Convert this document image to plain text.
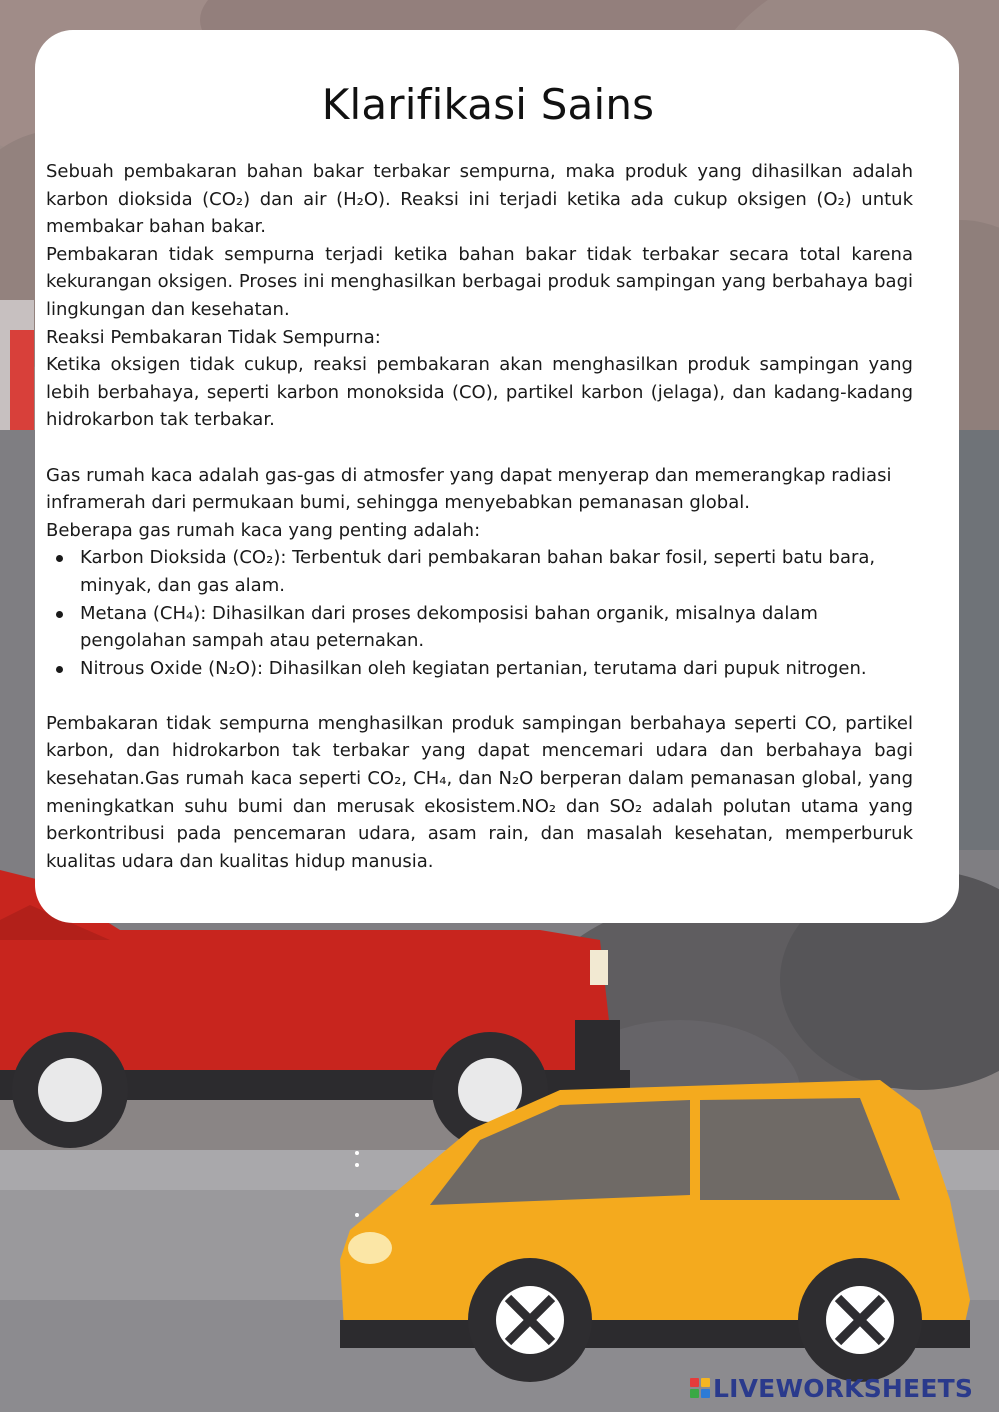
Klarifikasi Sains

Sebuah pembakaran bahan bakar terbakar sempurna, maka produk yang dihasilkan adalah karbon dioksida (CO₂) dan air (H₂O). Reaksi ini terjadi ketika ada cukup oksigen (O₂) untuk membakar bahan bakar.

Pembakaran tidak sempurna terjadi ketika bahan bakar tidak terbakar secara total karena kekurangan oksigen. Proses ini menghasilkan berbagai produk sampingan yang berbahaya bagi lingkungan dan kesehatan.

Reaksi Pembakaran Tidak Sempurna:

Ketika oksigen tidak cukup, reaksi pembakaran akan menghasilkan produk sampingan yang lebih berbahaya, seperti karbon monoksida (CO), partikel karbon (jelaga), dan kadang-kadang hidrokarbon tak terbakar.

Gas rumah kaca adalah gas-gas di atmosfer yang dapat menyerap dan memerangkap radiasi inframerah dari permukaan bumi, sehingga menyebabkan pemanasan global.

Beberapa gas rumah kaca yang penting adalah:

Karbon Dioksida (CO₂): Terbentuk dari pembakaran bahan bakar fosil, seperti batu bara, minyak, dan gas alam.
Metana (CH₄): Dihasilkan dari proses dekomposisi bahan organik, misalnya dalam pengolahan sampah atau peternakan.
Nitrous Oxide (N₂O): Dihasilkan oleh kegiatan pertanian, terutama dari pupuk nitrogen.

Pembakaran tidak sempurna menghasilkan produk sampingan berbahaya seperti CO, partikel karbon, dan hidrokarbon tak terbakar yang dapat mencemari udara dan berbahaya bagi kesehatan.Gas rumah kaca seperti CO₂, CH₄, dan N₂O berperan dalam pemanasan global, yang meningkatkan suhu bumi dan merusak ekosistem.NO₂ dan SO₂ adalah polutan utama yang berkontribusi pada pencemaran udara, asam rain, dan masalah kesehatan, memperburuk kualitas udara dan kualitas hidup manusia.

LIVEWORKSHEETS
